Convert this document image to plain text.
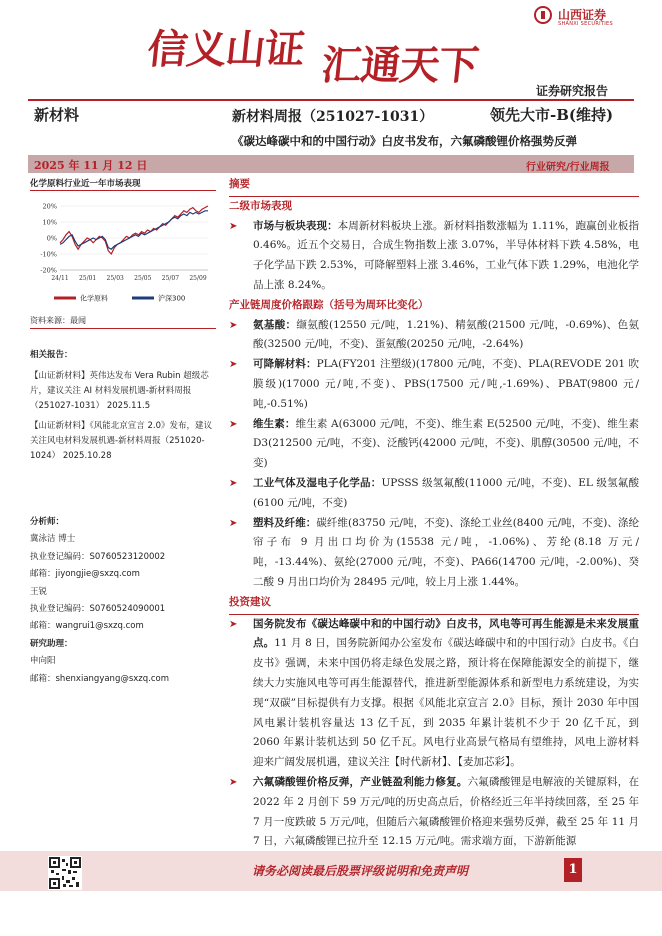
信义山证 汇通天下
山西证券
SHANXI SECURITIES
证券研究报告
新材料	新材料周报（251027-1031）	领先大市-B(维持)
《碳达峰碳中和的中国行动》白皮书发布，六氟磷酸锂价格强势反弹
2025 年 11 月 12 日	行业研究/行业周报
化学原料行业近一年市场表现
20%
10%
0%
-10%
-20%
24/11 25/01 25/03 25/05 25/07 25/09
化学原料	沪深300
资料来源：最闻
相关报告：

【山证新材料】英伟达发布 Vera Rubin 超级芯片，建议关注 AI 材料发展机遇-新材料周报（251027-1031） 2025.11.5

【山证新材料】《风能北京宣言 2.0》发布，建议关注风电材料发展机遇-新材料周报（251020-1024） 2025.10.28

分析师：
冀泳洁 博士
执业登记编码：S0760523120002
邮箱：jiyongjie@sxzq.com
王锐
执业登记编码：S0760524090001
邮箱：wangrui1@sxzq.com
研究助理：
申向阳
邮箱：shenxiangyang@sxzq.com
摘要
二级市场表现
➤	市场与板块表现：本周新材料板块上涨。新材料指数涨幅为 1.11%，跑赢创业板指 0.46%。近五个交易日，合成生物指数上涨 3.07%，半导体材料下跌 4.58%，电子化学品下跌 2.53%，可降解塑料上涨 3.46%，工业气体下跌 1.29%，电池化学品上涨 8.24%。
产业链周度价格跟踪（括号为周环比变化）
➤	氨基酸：缬氨酸(12550 元/吨，1.21%)、精氨酸(21500 元/吨，-0.69%)、色氨酸(32500 元/吨，不变)、蛋氨酸(20250 元/吨，-2.64%)
➤	可降解材料：PLA(FY201 注塑级)(17800 元/吨，不变)、PLA(REVODE 201 吹膜级)(17000 元/吨,不变)、PBS(17500 元/吨,-1.69%)、PBAT(9800 元/吨,-0.51%)
➤	维生素：维生素 A(63000 元/吨，不变)、维生素 E(52500 元/吨，不变)、维生素 D3(212500 元/吨，不变)、泛酸钙(42000 元/吨，不变)、肌醇(30500 元/吨，不变)
➤	工业气体及湿电子化学品：UPSSS 级氢氟酸(11000 元/吨，不变)、EL 级氢氟酸(6100 元/吨，不变)
➤	塑料及纤维：碳纤维(83750 元/吨，不变)、涤纶工业丝(8400 元/吨，不变)、涤纶帘子布 9 月出口均价为(15538 元/吨，-1.06%)、芳纶(8.18 万元/吨，-13.44%)、氨纶(27000 元/吨，不变)、PA66(14700 元/吨，-2.00%)、癸二酸 9 月出口均价为 28495 元/吨，较上月上涨 1.44%。
投资建议
➤	国务院发布《碳达峰碳中和的中国行动》白皮书，风电等可再生能源是未来发展重点。11 月 8 日，国务院新闻办公室发布《碳达峰碳中和的中国行动》白皮书。《白皮书》强调，未来中国仍将走绿色发展之路，预计将在保障能源安全的前提下，继续大力实施风电等可再生能源替代，推进新型能源体系和新型电力系统建设，为实现“双碳”目标提供有力支撑。根据《风能北京宣言 2.0》目标，预计 2030 年中国风电累计装机容量达 13 亿千瓦，到 2035 年累计装机不少于 20 亿千瓦，到 2060 年累计装机达到 50 亿千瓦。风电行业高景气格局有望维持，风电上游材料迎来广阔发展机遇，建议关注【时代新材】、【麦加芯彩】。
➤	六氟磷酸锂价格反弹，产业链盈利能力修复。六氟磷酸锂是电解液的关键原料，在 2022 年 2 月创下 59 万元/吨的历史高点后，价格经近三年半持续回落，至 25 年 7 月一度跌破 5 万元/吨，但随后六氟磷酸锂价格迎来强势反弹，截至 25 年 11 月 7 日，六氟磷酸锂已拉升至 12.15 万元/吨。需求端方面，下游新能源
请务必阅读最后股票评级说明和免责声明	1
